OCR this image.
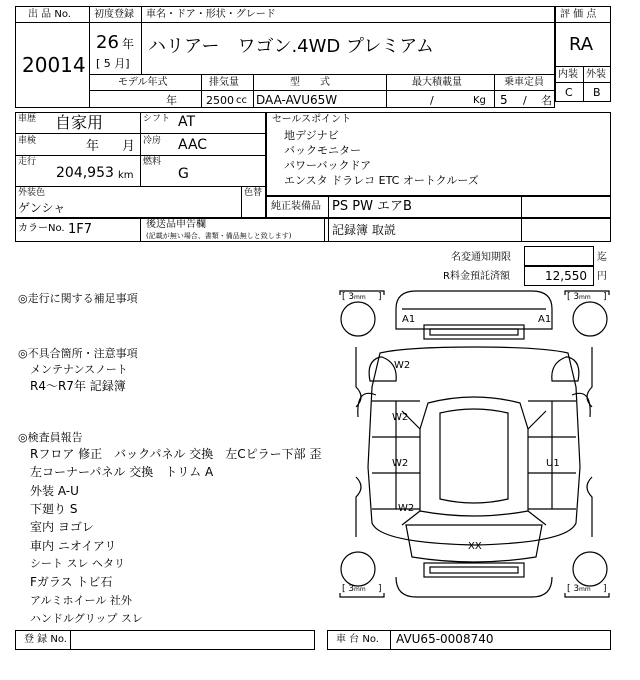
出 品 No.
20014
初度登録
26 年
[ 5 月]
車名・ドア・形状・グレード
ハリアー　ワゴン.4WD プレミアム
モデル年式
年
排気量
2500 cc
型　　式
DAA-AVU65W
最大積載量
/	Kg
乗車定員
5 / 名
評 価 点
RA
内装 外装
C B
車歴 自家用
車検	年 月
走行
204,953 km
シフト AT
冷房 AAC
燃料
G
外装色
ゲンシャ
色替
カラーNo. 1F7	後送品申告欄
(記載が無い場合、書類・備品無しと致します)
セールスポイント
地デジナビ
バックモニター
パワーバックドア
エンスタ ドラレコ ETC オートクルーズ
純正装備品 PS PW エアB
記録簿 取説
名変通知期限	迄
R料金預託済額	12,550 円
◎走行に関する補足事項
◎不具合箇所・注意事項
メンテナンスノート
R4～R7年 記録簿
◎検査員報告
Rフロア 修正　バックパネル 交換　左Cピラー下部 歪
左コーナーパネル 交換　トリム A
外装 A-U
下廻り S
室内 ヨゴレ
車内 ニオイアリ
シート スレ ヘタリ
Fガラス トビ石
アルミホイール 社外
ハンドルグリップ スレ
[ 3 mm ]	[ 3 mm ]
[ 3 mm ]	[ 3 mm ]
A1	A1
W2
W2
W2
W2
U1
XX
登 録 No.	車 台 No. AVU65-0008740
